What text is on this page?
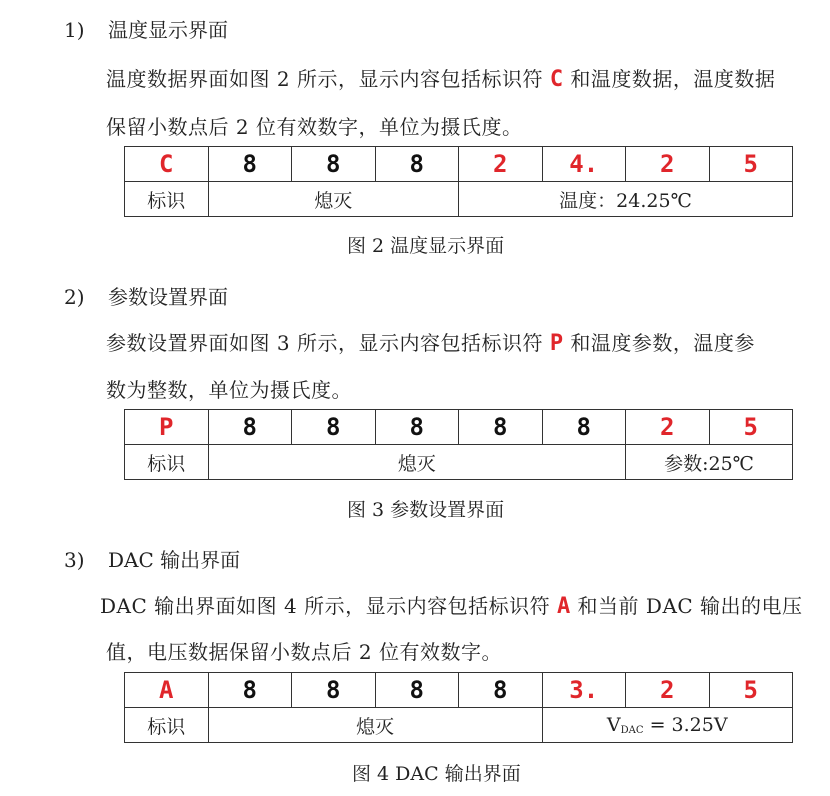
1) 温度显示界面
温度数据界面如图 2 所示，显示内容包括标识符 C 和温度数据，温度数据
保留小数点后 2 位有效数字，单位为摄氏度。
C	8	8	8	2	4.	2	5
标识	熄灭			温度：24.25℃			
图 2 温度显示界面
2) 参数设置界面
参数设置界面如图 3 所示，显示内容包括标识符 P 和温度参数，温度参
数为整数，单位为摄氏度。
P	8	8	8	8	8	2	5
标识	熄灭					参数:25℃	
图 3 参数设置界面
3) DAC 输出界面
DAC 输出界面如图 4 所示，显示内容包括标识符 A 和当前 DAC 输出的电压
值，电压数据保留小数点后 2 位有效数字。
A	8	8	8	8	3.	2	5
标识	熄灭				$V_{DAC} = 3.25V$		
图 4 DAC 输出界面
